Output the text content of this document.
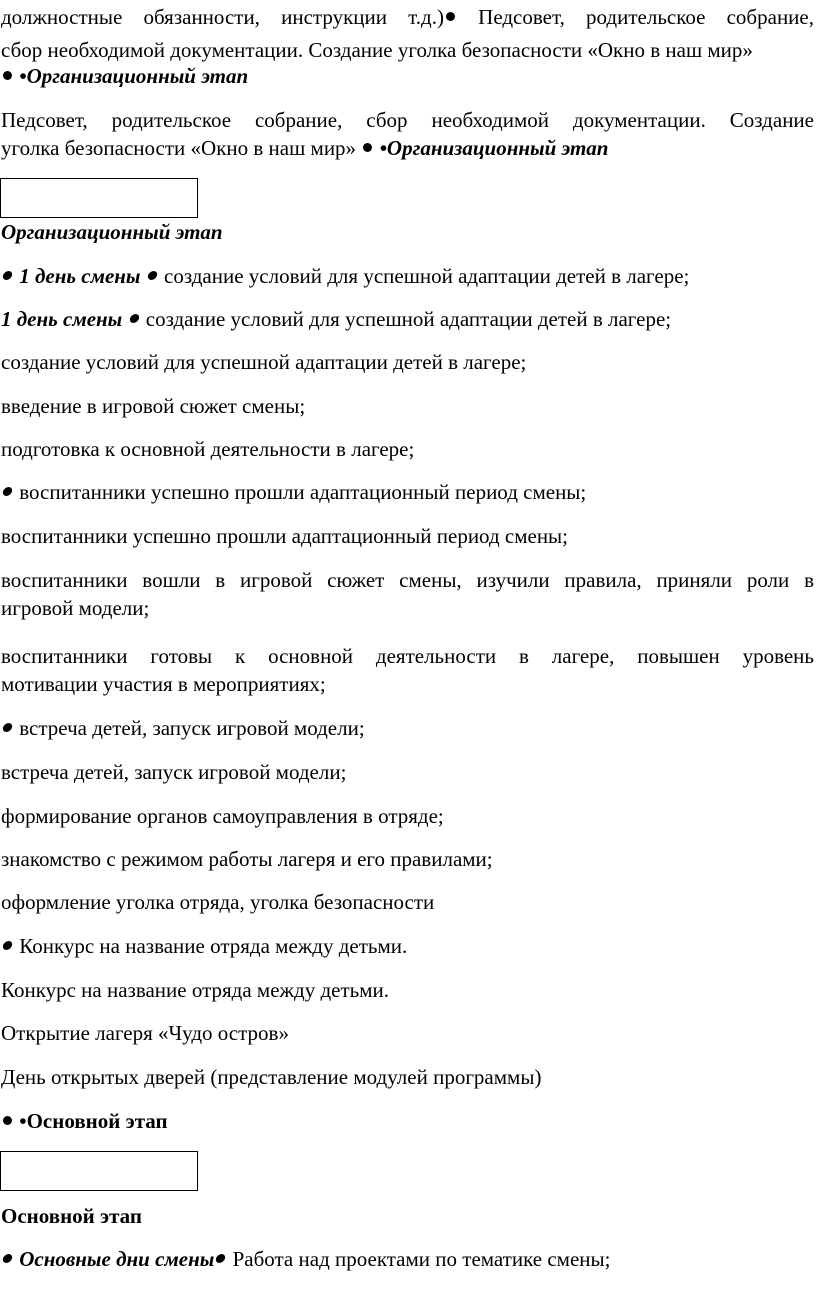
должностные обязанности, инструкции т.д.) Педсовет, родительское собрание,
сбор необходимой документации. Создание уголка безопасности «Окно в наш мир»
•Организационный этап
Педсовет, родительское собрание, сбор необходимой документации. Создание
уголка безопасности «Окно в наш мир» •Организационный этап
Организационный этап
1 день смены создание условий для успешной адаптации детей в лагере;
1 день смены создание условий для успешной адаптации детей в лагере;
создание условий для успешной адаптации детей в лагере;
введение в игровой сюжет смены;
подготовка к основной деятельности в лагере;
воспитанники успешно прошли адаптационный период смены;
воспитанники успешно прошли адаптационный период смены;
воспитанники вошли в игровой сюжет смены, изучили правила, приняли роли в
игровой модели;
воспитанники готовы к основной деятельности в лагере, повышен уровень
мотивации участия в мероприятиях;
встреча детей, запуск игровой модели;
встреча детей, запуск игровой модели;
формирование органов самоуправления в отряде;
знакомство с режимом работы лагеря и его правилами;
оформление уголка отряда, уголка безопасности
Конкурс на название отряда между детьми.
Конкурс на название отряда между детьми.
Открытие лагеря «Чудо остров»
День открытых дверей (представление модулей программы)
•Основной этап
Основной этап
Основные дни смены Работа над проектами по тематике смены;
